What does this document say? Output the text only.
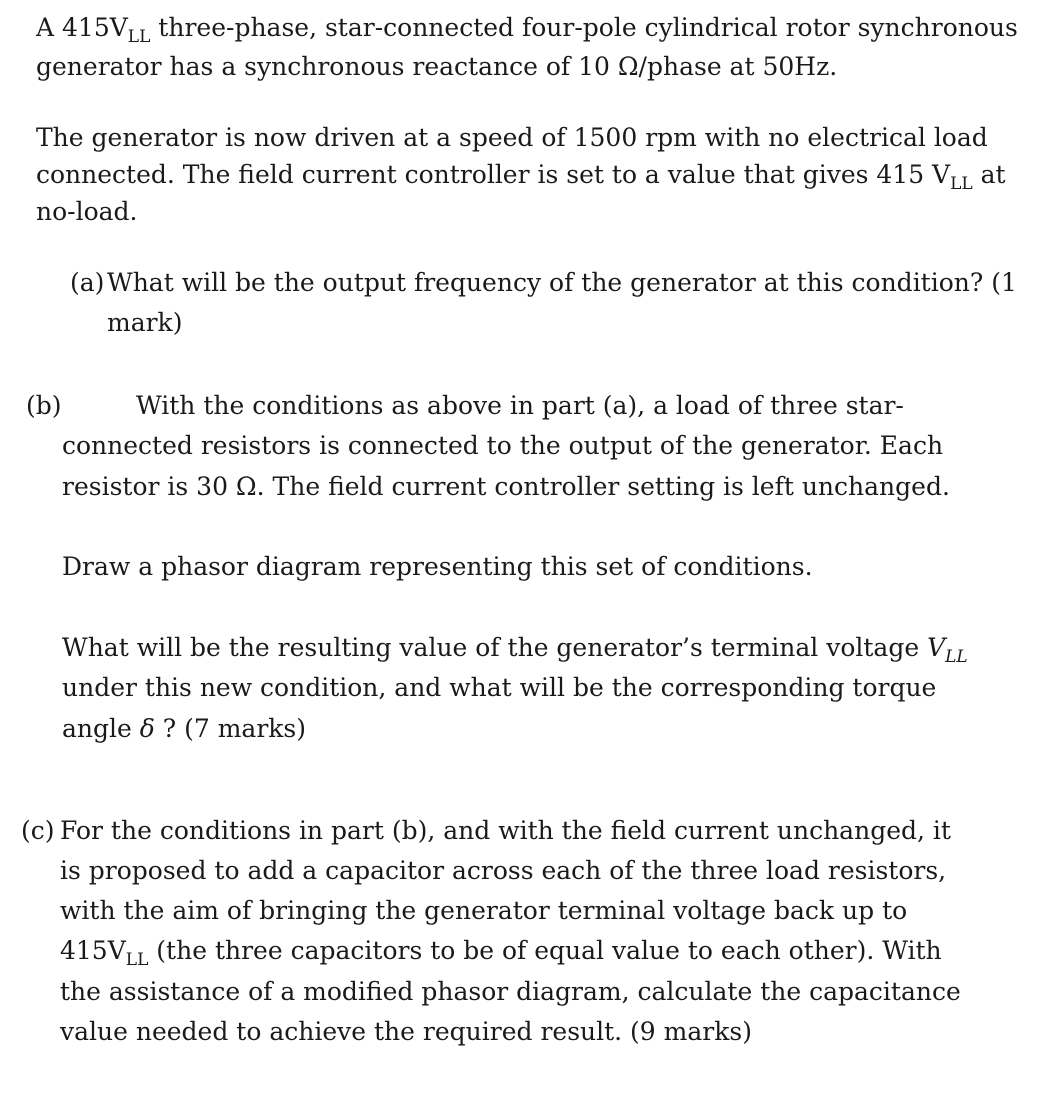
A $415V_{LL}$ three-phase, star-connected four-pole cylindrical rotor synchronous

generator has a synchronous reactance of 10 Ω/phase at 50Hz.

The generator is now driven at a speed of 1500 rpm with no electrical load

connected. The field current controller is set to a value that gives 415 $V_{LL}$ at

no-load.

(a) What will be the output frequency of the generator at this condition? (1

mark)

(b)	With the conditions as above in part (a), a load of three star-

connected resistors is connected to the output of the generator. Each

resistor is 30 Ω. The field current controller setting is left unchanged.

Draw a phasor diagram representing this set of conditions.

What will be the resulting value of the generator’s terminal voltage $V_{LL}$

under this new condition, and what will be the corresponding torque

angle δ ? (7 marks)

(c) For the conditions in part (b), and with the field current unchanged, it

is proposed to add a capacitor across each of the three load resistors,

with the aim of bringing the generator terminal voltage back up to

$415V_{LL}$ (the three capacitors to be of equal value to each other). With

the assistance of a modified phasor diagram, calculate the capacitance

value needed to achieve the required result. (9 marks)
